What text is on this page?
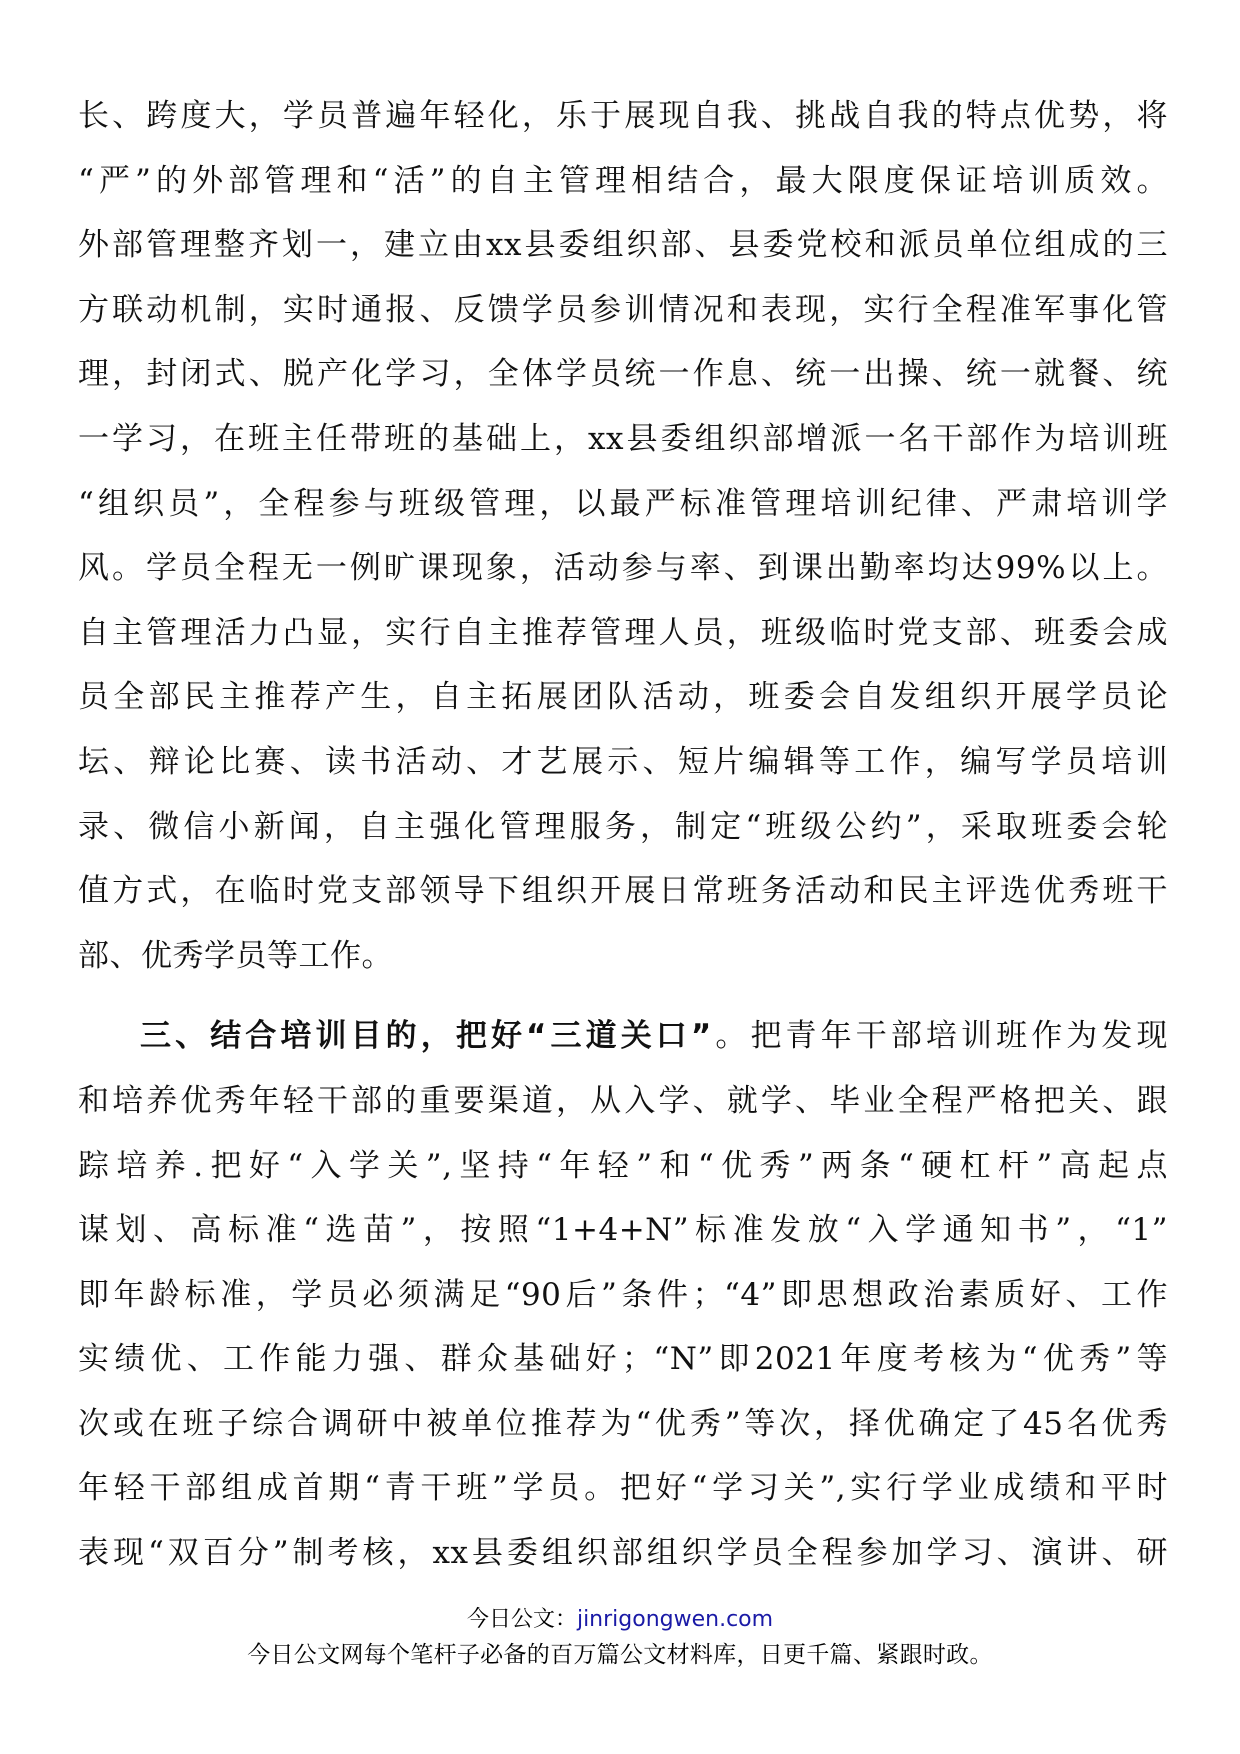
长、跨度大，学员普遍年轻化，乐于展现自我、挑战自我的特点优势，将
“严”的外部管理和“活”的自主管理相结合，最大限度保证培训质效。
外部管理整齐划一，建立由xx县委组织部、县委党校和派员单位组成的三
方联动机制，实时通报、反馈学员参训情况和表现，实行全程准军事化管
理，封闭式、脱产化学习，全体学员统一作息、统一出操、统一就餐、统
一学习，在班主任带班的基础上，xx县委组织部增派一名干部作为培训班
“组织员”，全程参与班级管理，以最严标准管理培训纪律、严肃培训学
风。学员全程无一例旷课现象，活动参与率、到课出勤率均达99%以上。
自主管理活力凸显，实行自主推荐管理人员，班级临时党支部、班委会成
员全部民主推荐产生，自主拓展团队活动，班委会自发组织开展学员论
坛、辩论比赛、读书活动、才艺展示、短片编辑等工作，编写学员培训
录、微信小新闻，自主强化管理服务，制定“班级公约”，采取班委会轮
值方式，在临时党支部领导下组织开展日常班务活动和民主评选优秀班干
部、优秀学员等工作。
三、结合培训目的，把好“三道关口”。把青年干部培训班作为发现
和培养优秀年轻干部的重要渠道，从入学、就学、毕业全程严格把关、跟
踪培养.把好“入学关”,坚持“年轻”和“优秀”两条“硬杠杆”高起点
谋划、高标准“选苗”，按照“1+4+N”标准发放“入学通知书”，“1”
即年龄标准，学员必须满足“90后”条件；“4”即思想政治素质好、工作
实绩优、工作能力强、群众基础好；“N”即2021年度考核为“优秀”等
次或在班子综合调研中被单位推荐为“优秀”等次，择优确定了45名优秀
年轻干部组成首期“青干班”学员。把好“学习关”,实行学业成绩和平时
表现“双百分”制考核，xx县委组织部组织学员全程参加学习、演讲、研
今日公文：jinrigongwen.com
今日公文网每个笔杆子必备的百万篇公文材料库，日更千篇、紧跟时政。
